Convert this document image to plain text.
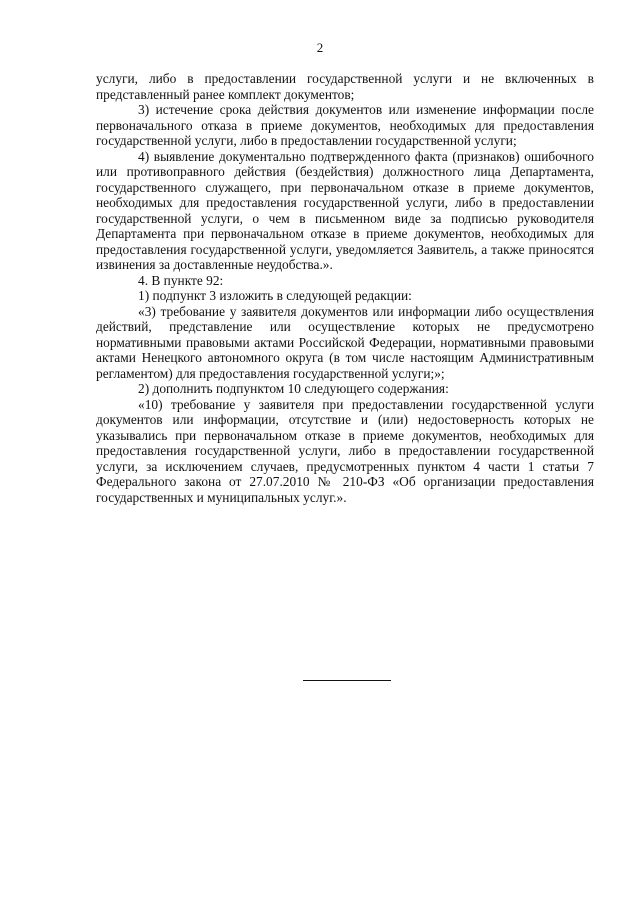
2

услуги, либо в предоставлении государственной услуги и не включенных в представленный ранее комплект документов;

3) истечение срока действия документов или изменение информации после первоначального отказа в приеме документов, необходимых для предоставления государственной услуги, либо в предоставлении государственной услуги;

4) выявление документально подтвержденного факта (признаков) ошибочного или противоправного действия (бездействия) должностного лица Департамента, государственного служащего, при первоначальном отказе в приеме документов, необходимых для предоставления государственной услуги, либо в предоставлении государственной услуги, о чем в письменном виде за подписью руководителя Департамента при первоначальном отказе в приеме документов, необходимых для предоставления государственной услуги, уведомляется Заявитель, а также приносятся извинения за доставленные неудобства.».

4. В пункте 92:

1) подпункт 3 изложить в следующей редакции:

«3) требование у заявителя документов или информации либо осуществления действий, представление или осуществление которых не предусмотрено нормативными правовыми актами Российской Федерации, нормативными правовыми актами Ненецкого автономного округа (в том числе настоящим Административным регламентом) для предоставления государственной услуги;»;

2) дополнить подпунктом 10 следующего содержания:

«10) требование у заявителя при предоставлении государственной услуги документов или информации, отсутствие и (или) недостоверность которых не указывались при первоначальном отказе в приеме документов, необходимых для предоставления государственной услуги, либо в предоставлении государственной услуги, за исключением случаев, предусмотренных пунктом 4 части 1 статьи 7 Федерального закона от 27.07.2010 № 210-ФЗ «Об организации предоставления государственных и муниципальных услуг.».
